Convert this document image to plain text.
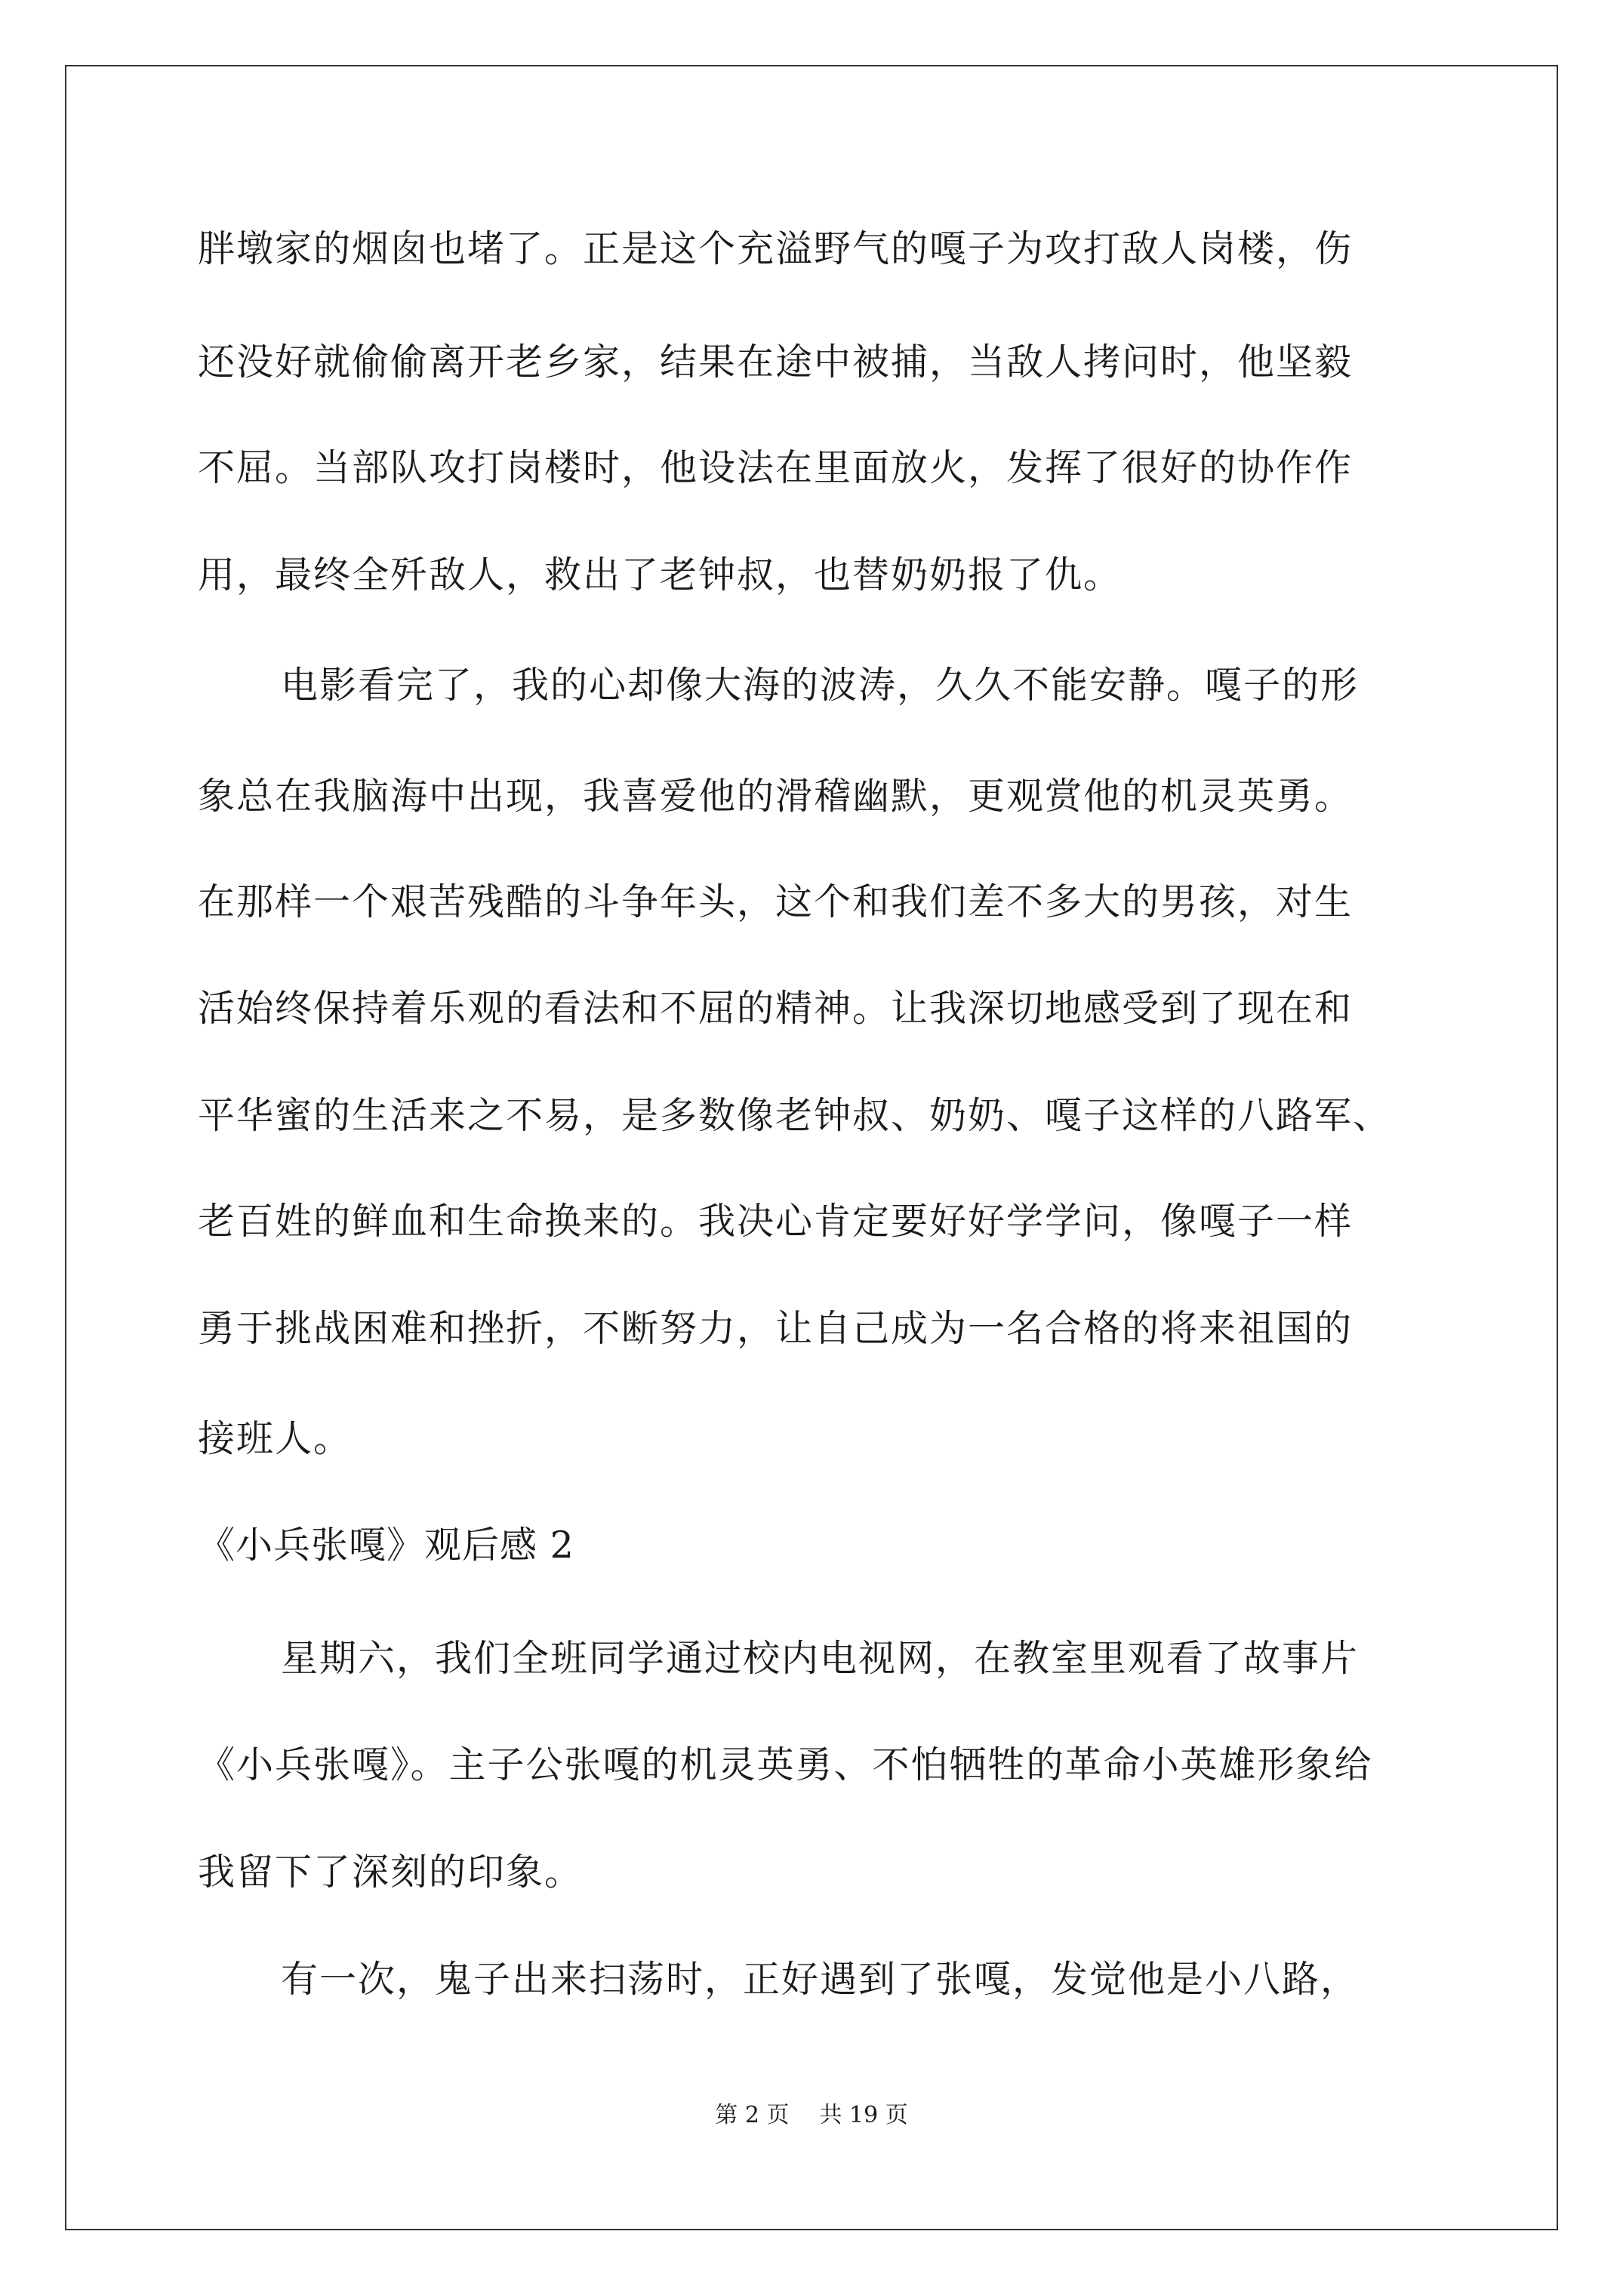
胖墩家的烟囱也堵了。正是这个充溢野气的嘎子为攻打敌人岗楼，伤
还没好就偷偷离开老乡家，结果在途中被捕，当敌人拷问时，他坚毅
不屈。当部队攻打岗楼时，他设法在里面放火，发挥了很好的协作作
用，最终全歼敌人，救出了老钟叔，也替奶奶报了仇。
电影看完了，我的心却像大海的波涛，久久不能安静。嘎子的形
象总在我脑海中出现，我喜爱他的滑稽幽默，更观赏他的机灵英勇。
在那样一个艰苦残酷的斗争年头，这个和我们差不多大的男孩，对生
活始终保持着乐观的看法和不屈的精神。让我深切地感受到了现在和
平华蜜的生活来之不易，是多数像老钟叔、奶奶、嘎子这样的八路军、
老百姓的鲜血和生命换来的。我决心肯定要好好学学问，像嘎子一样
勇于挑战困难和挫折，不断努力，让自己成为一名合格的将来祖国的
接班人。
《小兵张嘎》观后感 2
星期六，我们全班同学通过校内电视网，在教室里观看了故事片
《小兵张嘎》。主子公张嘎的机灵英勇、不怕牺牲的革命小英雄形象给
我留下了深刻的印象。
有一次，鬼子出来扫荡时，正好遇到了张嘎，发觉他是小八路，
第 2 页 共 19 页
